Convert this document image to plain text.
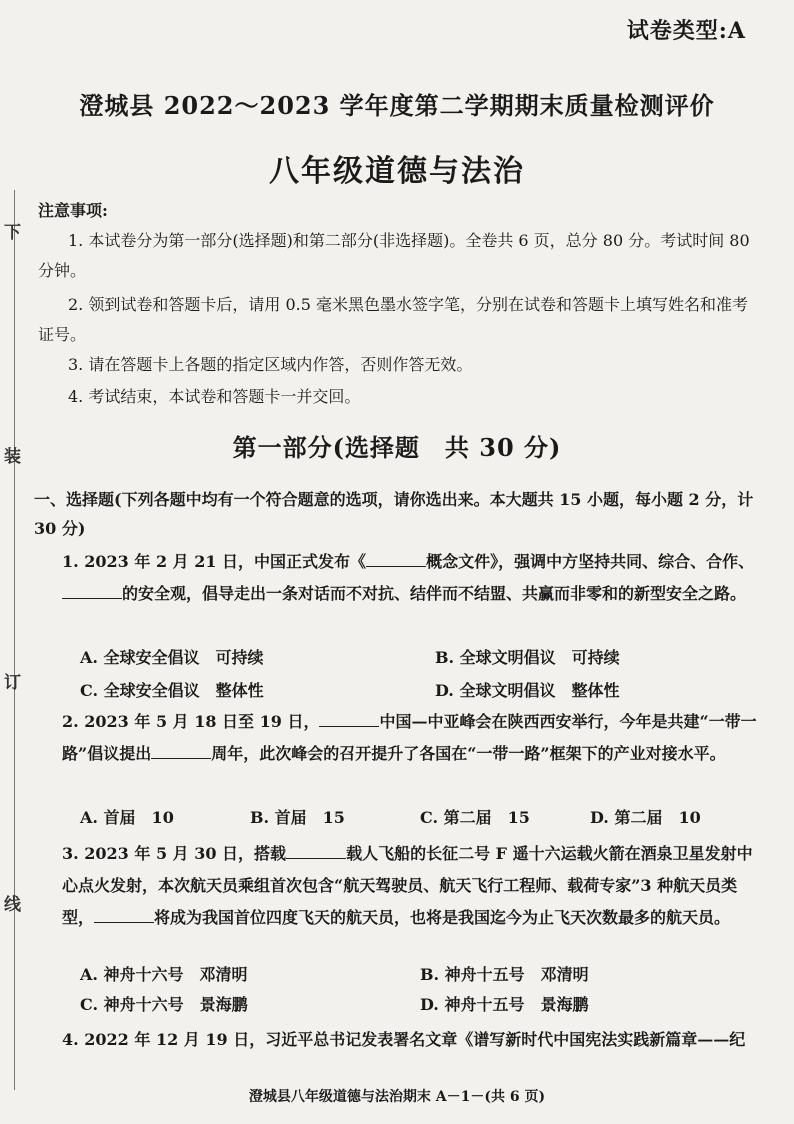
下
装
订
线
试卷类型:A
澄城县 2022～2023 学年度第二学期期末质量检测评价
八年级道德与法治
注意事项:
1. 本试卷分为第一部分(选择题)和第二部分(非选择题)。全卷共 6 页，总分 80 分。考试时间 80 分钟。
2. 领到试卷和答题卡后，请用 0.5 毫米黑色墨水签字笔，分别在试卷和答题卡上填写姓名和准考证号。
3. 请在答题卡上各题的指定区域内作答，否则作答无效。
4. 考试结束，本试卷和答题卡一并交回。
第一部分(选择题　共 30 分)
一、选择题(下列各题中均有一个符合题意的选项，请你选出来。本大题共 15 小题，每小题 2 分，计 30 分)
1. 2023 年 2 月 21 日，中国正式发布《	概念文件》，强调中方坚持共同、综合、合作、的安全观，倡导走出一条对话而不对抗、结伴而不结盟、共赢而非零和的新型安全之路。
A. 全球安全倡议　可持续	B. 全球文明倡议　可持续
C. 全球安全倡议　整体性	D. 全球文明倡议　整体性
2. 2023 年 5 月 18 日至 19 日，	中国—中亚峰会在陕西西安举行，今年是共建“一带一路”倡议提出	周年，此次峰会的召开提升了各国在“一带一路”框架下的产业对接水平。
A. 首届　10	B. 首届　15	C. 第二届　15	D. 第二届　10
3. 2023 年 5 月 30 日，搭载	载人飞船的长征二号 F 遥十六运载火箭在酒泉卫星发射中心点火发射，本次航天员乘组首次包含“航天驾驶员、航天飞行工程师、载荷专家”3 种航天员类型，	将成为我国首位四度飞天的航天员，也将是我国迄今为止飞天次数最多的航天员。
A. 神舟十六号　邓清明	B. 神舟十五号　邓清明
C. 神舟十六号　景海鹏	D. 神舟十五号　景海鹏
4. 2022 年 12 月 19 日，习近平总书记发表署名文章《谱写新时代中国宪法实践新篇章——纪
澄城县八年级道德与法治期末 A－1－(共 6 页)
